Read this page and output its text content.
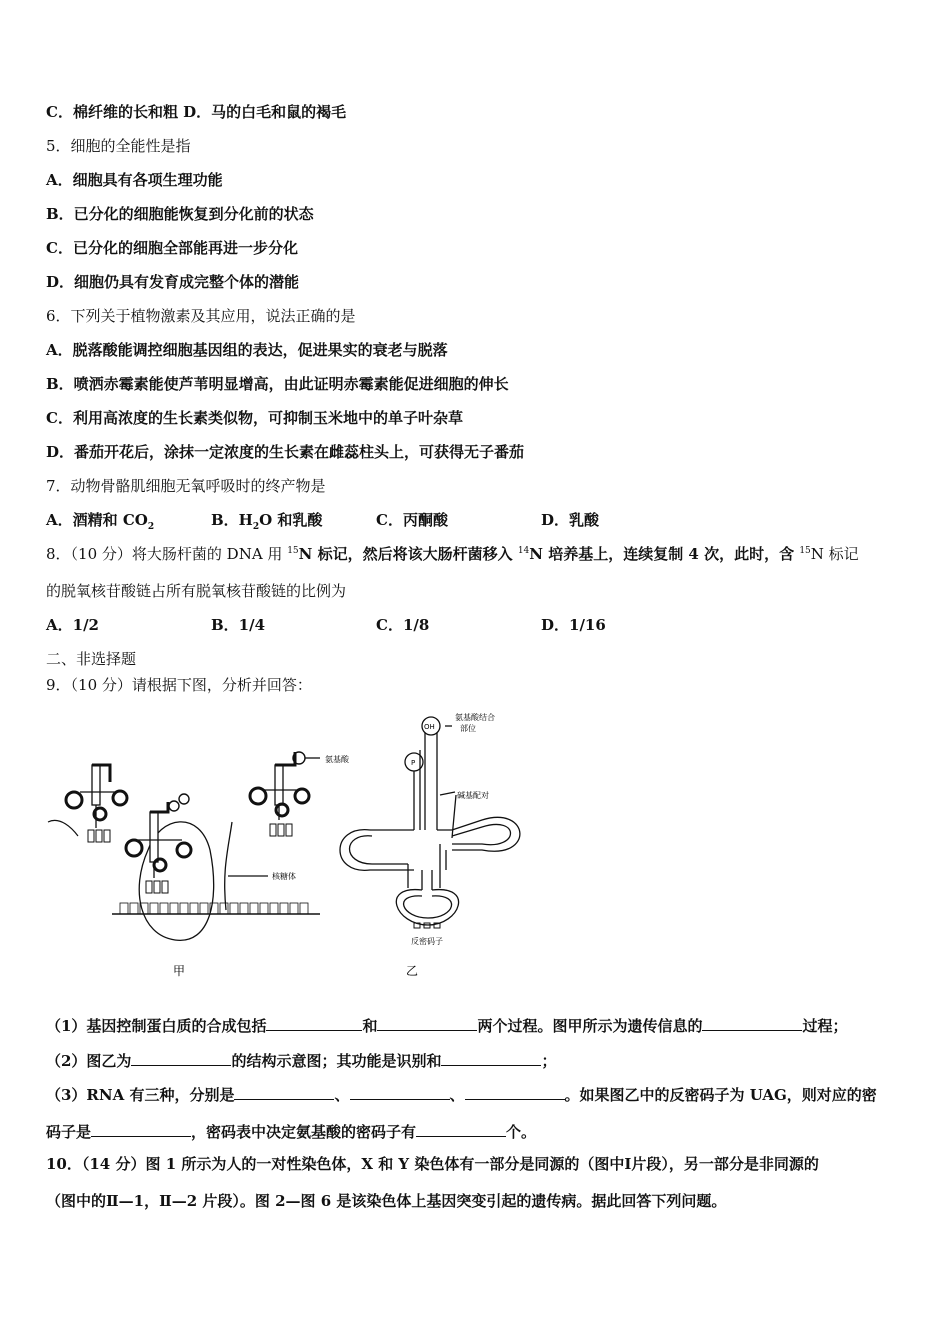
C．棉纤维的长和粗 D．马的白毛和鼠的褐毛
5．细胞的全能性是指
A．细胞具有各项生理功能
B．已分化的细胞能恢复到分化前的状态
C．已分化的细胞全部能再进一步分化
D．细胞仍具有发育成完整个体的潜能
6．下列关于植物激素及其应用，说法正确的是
A．脱落酸能调控细胞基因组的表达，促进果实的衰老与脱落
B．喷洒赤霉素能使芦苇明显增高，由此证明赤霉素能促进细胞的伸长
C．利用高浓度的生长素类似物，可抑制玉米地中的单子叶杂草
D．番茄开花后，涂抹一定浓度的生长素在雌蕊柱头上，可获得无子番茄
7．动物骨骼肌细胞无氧呼吸时的终产物是
A．酒精和 $CO_2$	B．$H_2O$ 和乳酸	C．丙酮酸	D．乳酸
8．（10 分）将大肠杆菌的 DNA 用 $^{15}$N 标记，然后将该大肠杆菌移入 $^{14}$N 培养基上，连续复制 4 次，此时，含 $^{15}$N 标记
的脱氧核苷酸链占所有脱氧核苷酸链的比例为
A．1/2	B．1/4	C．1/8	D．1/16
二、非选择题
9．（10 分）请根据下图，分析并回答：
氨基酸
核糖体
氨基酸结合
部位
碱基配对
反密码子
OH
P
甲	乙
（1）基因控制蛋白质的合成包括	和	两个过程。图甲所示为遗传信息的	过程；
（2）图乙为	的结构示意图；其功能是识别和	；
（3）RNA 有三种，分别是	、	、	。如果图乙中的反密码子为 UAG，则对应的密
码子是	，密码表中决定氨基酸的密码子有	个。
10．（14 分）图 1 所示为人的一对性染色体，X 和 Y 染色体有一部分是同源的（图中Ⅰ片段），另一部分是非同源的
（图中的Ⅱ—1，Ⅱ—2 片段）。图 2—图 6 是该染色体上基因突变引起的遗传病。据此回答下列问题。
